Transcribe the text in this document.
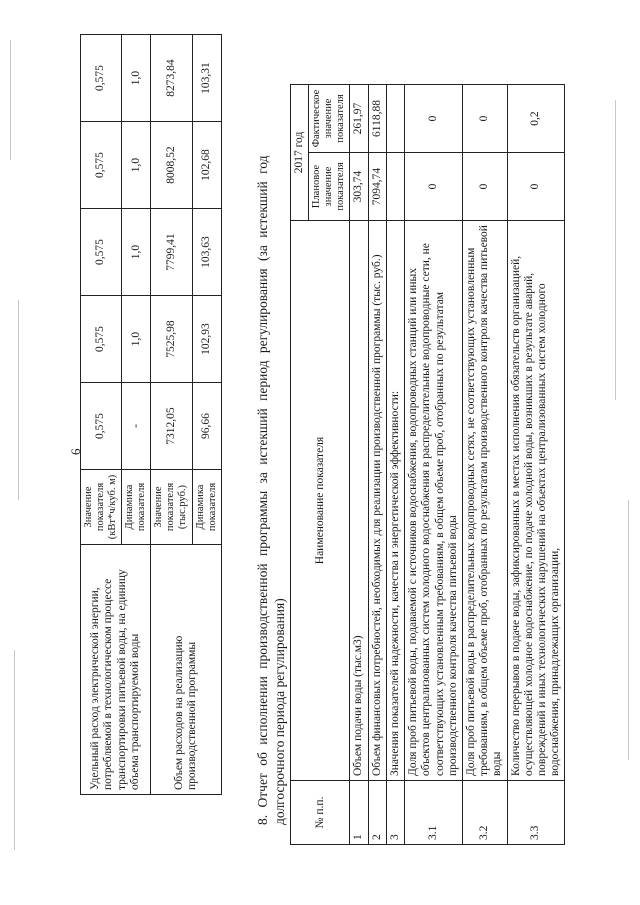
6
Удельный расход электрической энергии, потребляемой в технологическом процессе транспортировки питьевой воды, на единицу объема транспортируемой воды	Значение показателя (кВт*ч/куб. м)	0,575	0,575	0,575	0,575	0,575
	Динамика показателя	-	1,0	1,0	1,0	1,0
Объем расходов на реализацию производственной программы	Значение показателя (тыс.руб.)	7312,05	7525,98	7799,41	8008,52	8273,84
	Динамика показателя	96,66	102,93	103,63	102,68	103,31
8. Отчет об исполнении производственной программы за истекший период регулирования (за истекший год долгосрочного периода регулирования) № п.п.	Наименование показателя	2017 год	
		Плановое значение показателя	Фактическое значение показателя
1	Объем подачи воды (тыс.м3)	303,74	261,97
2	Объем финансовых потребностей, необходимых для реализации производственной программы (тыс. руб.)	7094,74	6118,88
3	Значения показателей надежности, качества и энергетической эффективности:		
3.1	Доля проб питьевой воды, подаваемой с источников водоснабжения, водопроводных станций или иных объектов централизованных систем холодного водоснабжения в распределительные водопроводные сети, не соответствующих установленным требованиям, в общем объеме проб, отобранных по результатам производственного контроля качества питьевой воды	0	0
3.2	Доля проб питьевой воды в распределительных водопроводных сетях, не соответствующих установленным требованиям, в общем объеме проб, отобранных по результатам производственного контроля качества питьевой воды	0	0
3.3	Количество перерывов в подаче воды, зафиксированных в местах исполнения обязательств организацией, осуществляющей холодное водоснабжение, по подаче холодной воды, возникших в результате аварий, повреждений и иных технологических нарушений на объектах централизованных систем холодного водоснабжения, принадлежащих организации,	0	0,2
